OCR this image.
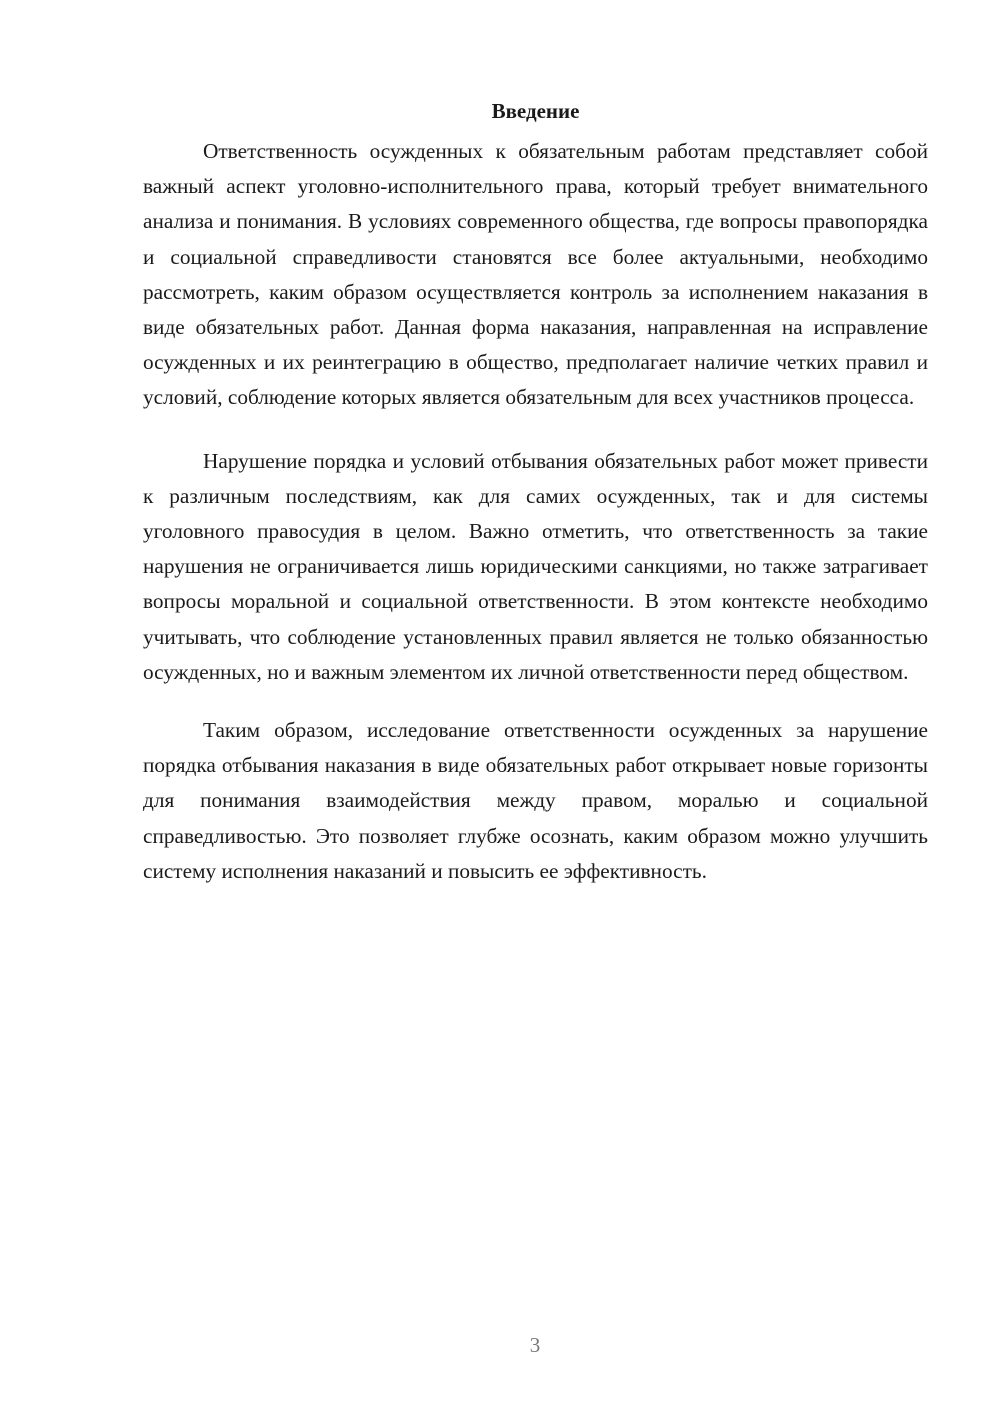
Введение

Ответственность осужденных к обязательным работам представляет собой важный аспект уголовно-исполнительного права, который требует внимательного анализа и понимания. В условиях современного общества, где вопросы правопорядка и социальной справедливости становятся все более актуальными, необходимо рассмотреть, каким образом осуществляется контроль за исполнением наказания в виде обязательных работ. Данная форма наказания, направленная на исправление осужденных и их реинтеграцию в общество, предполагает наличие четких правил и условий, соблюдение которых является обязательным для всех участников процесса.

Нарушение порядка и условий отбывания обязательных работ может привести к различным последствиям, как для самих осужденных, так и для системы уголовного правосудия в целом. Важно отметить, что ответственность за такие нарушения не ограничивается лишь юридическими санкциями, но также затрагивает вопросы моральной и социальной ответственности. В этом контексте необходимо учитывать, что соблюдение установленных правил является не только обязанностью осужденных, но и важным элементом их личной ответственности перед обществом.

Таким образом, исследование ответственности осужденных за нарушение порядка отбывания наказания в виде обязательных работ открывает новые горизонты для понимания взаимодействия между правом, моралью и социальной справедливостью. Это позволяет глубже осознать, каким образом можно улучшить систему исполнения наказаний и повысить ее эффективность.

3
